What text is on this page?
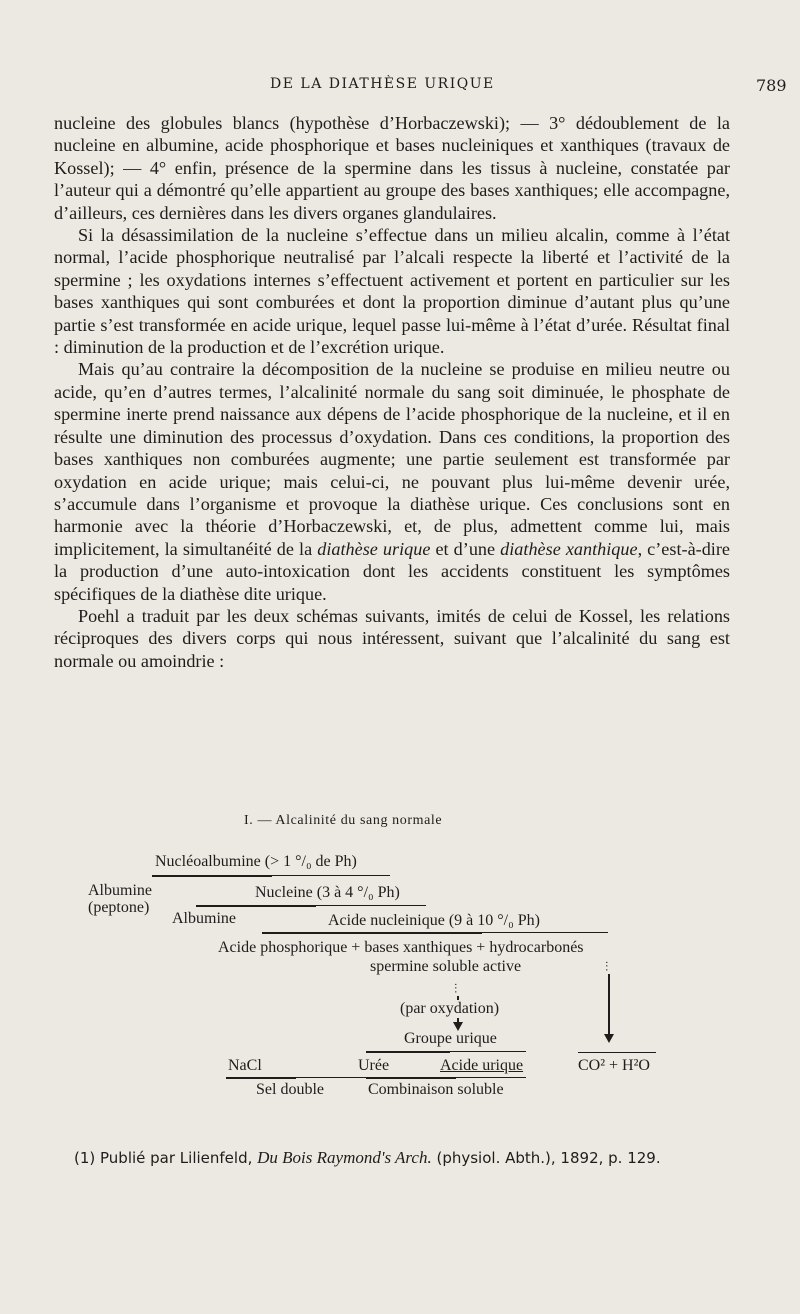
DE LA DIATHÈSE URIQUE	789

nucleine des globules blancs (hypothèse d’Horbaczewski); — 3° dédoublement de la nucleine en albumine, acide phosphorique et bases nucleiniques et xanthiques (travaux de Kossel); — 4° enfin, présence de la spermine dans les tissus à nucleine, constatée par l’auteur qui a démontré qu’elle appartient au groupe des bases xanthiques; elle accompagne, d’ailleurs, ces dernières dans les divers organes glandulaires.

Si la désassimilation de la nucleine s’effectue dans un milieu alcalin, comme à l’état normal, l’acide phosphorique neutralisé par l’alcali respecte la liberté et l’activité de la spermine ; les oxydations internes s’effectuent activement et portent en particulier sur les bases xanthiques qui sont comburées et dont la proportion diminue d’autant plus qu’une partie s’est transformée en acide urique, lequel passe lui-même à l’état d’urée. Résultat final : diminution de la production et de l’excrétion urique.

Mais qu’au contraire la décomposition de la nucleine se produise en milieu neutre ou acide, qu’en d’autres termes, l’alcalinité normale du sang soit diminuée, le phosphate de spermine inerte prend naissance aux dépens de l’acide phosphorique de la nucleine, et il en résulte une diminution des processus d’oxydation. Dans ces conditions, la proportion des bases xanthiques non comburées augmente; une partie seulement est transformée par oxydation en acide urique; mais celui-ci, ne pouvant plus lui-même devenir urée, s’accumule dans l’organisme et provoque la diathèse urique. Ces conclusions sont en harmonie avec la théorie d’Horbaczewski, et, de plus, admettent comme lui, mais implicitement, la simultanéité de la diathèse urique et d’une diathèse xanthique, c’est-à-dire la production d’une auto-intoxication dont les accidents constituent les symptômes spécifiques de la diathèse dite urique.

Poehl a traduit par les deux schémas suivants, imités de celui de Kossel, les relations réciproques des divers corps qui nous intéressent, suivant que l’alcalinité du sang est normale ou amoindrie :

I. — Alcalinité du sang normale
Nucléoalbumine (> 1 °/₀ de Ph)
Albumine
(peptone)
Nucleine (3 à 4 °/₀ Ph)
Albumine	Acide nucleinique (9 à 10 °/₀ Ph)
Acide phosphorique + bases xanthiques + hydrocarbonés
spermine soluble active
⫶
(par oxydation)
⫶
Groupe urique
NaCl	Urée	Acide urique	CO² + H²O
Sel double	Combinaison soluble
(1) Publié par Lilienfeld, Du Bois Raymond's Arch. (physiol. Abth.), 1892, p. 129.
